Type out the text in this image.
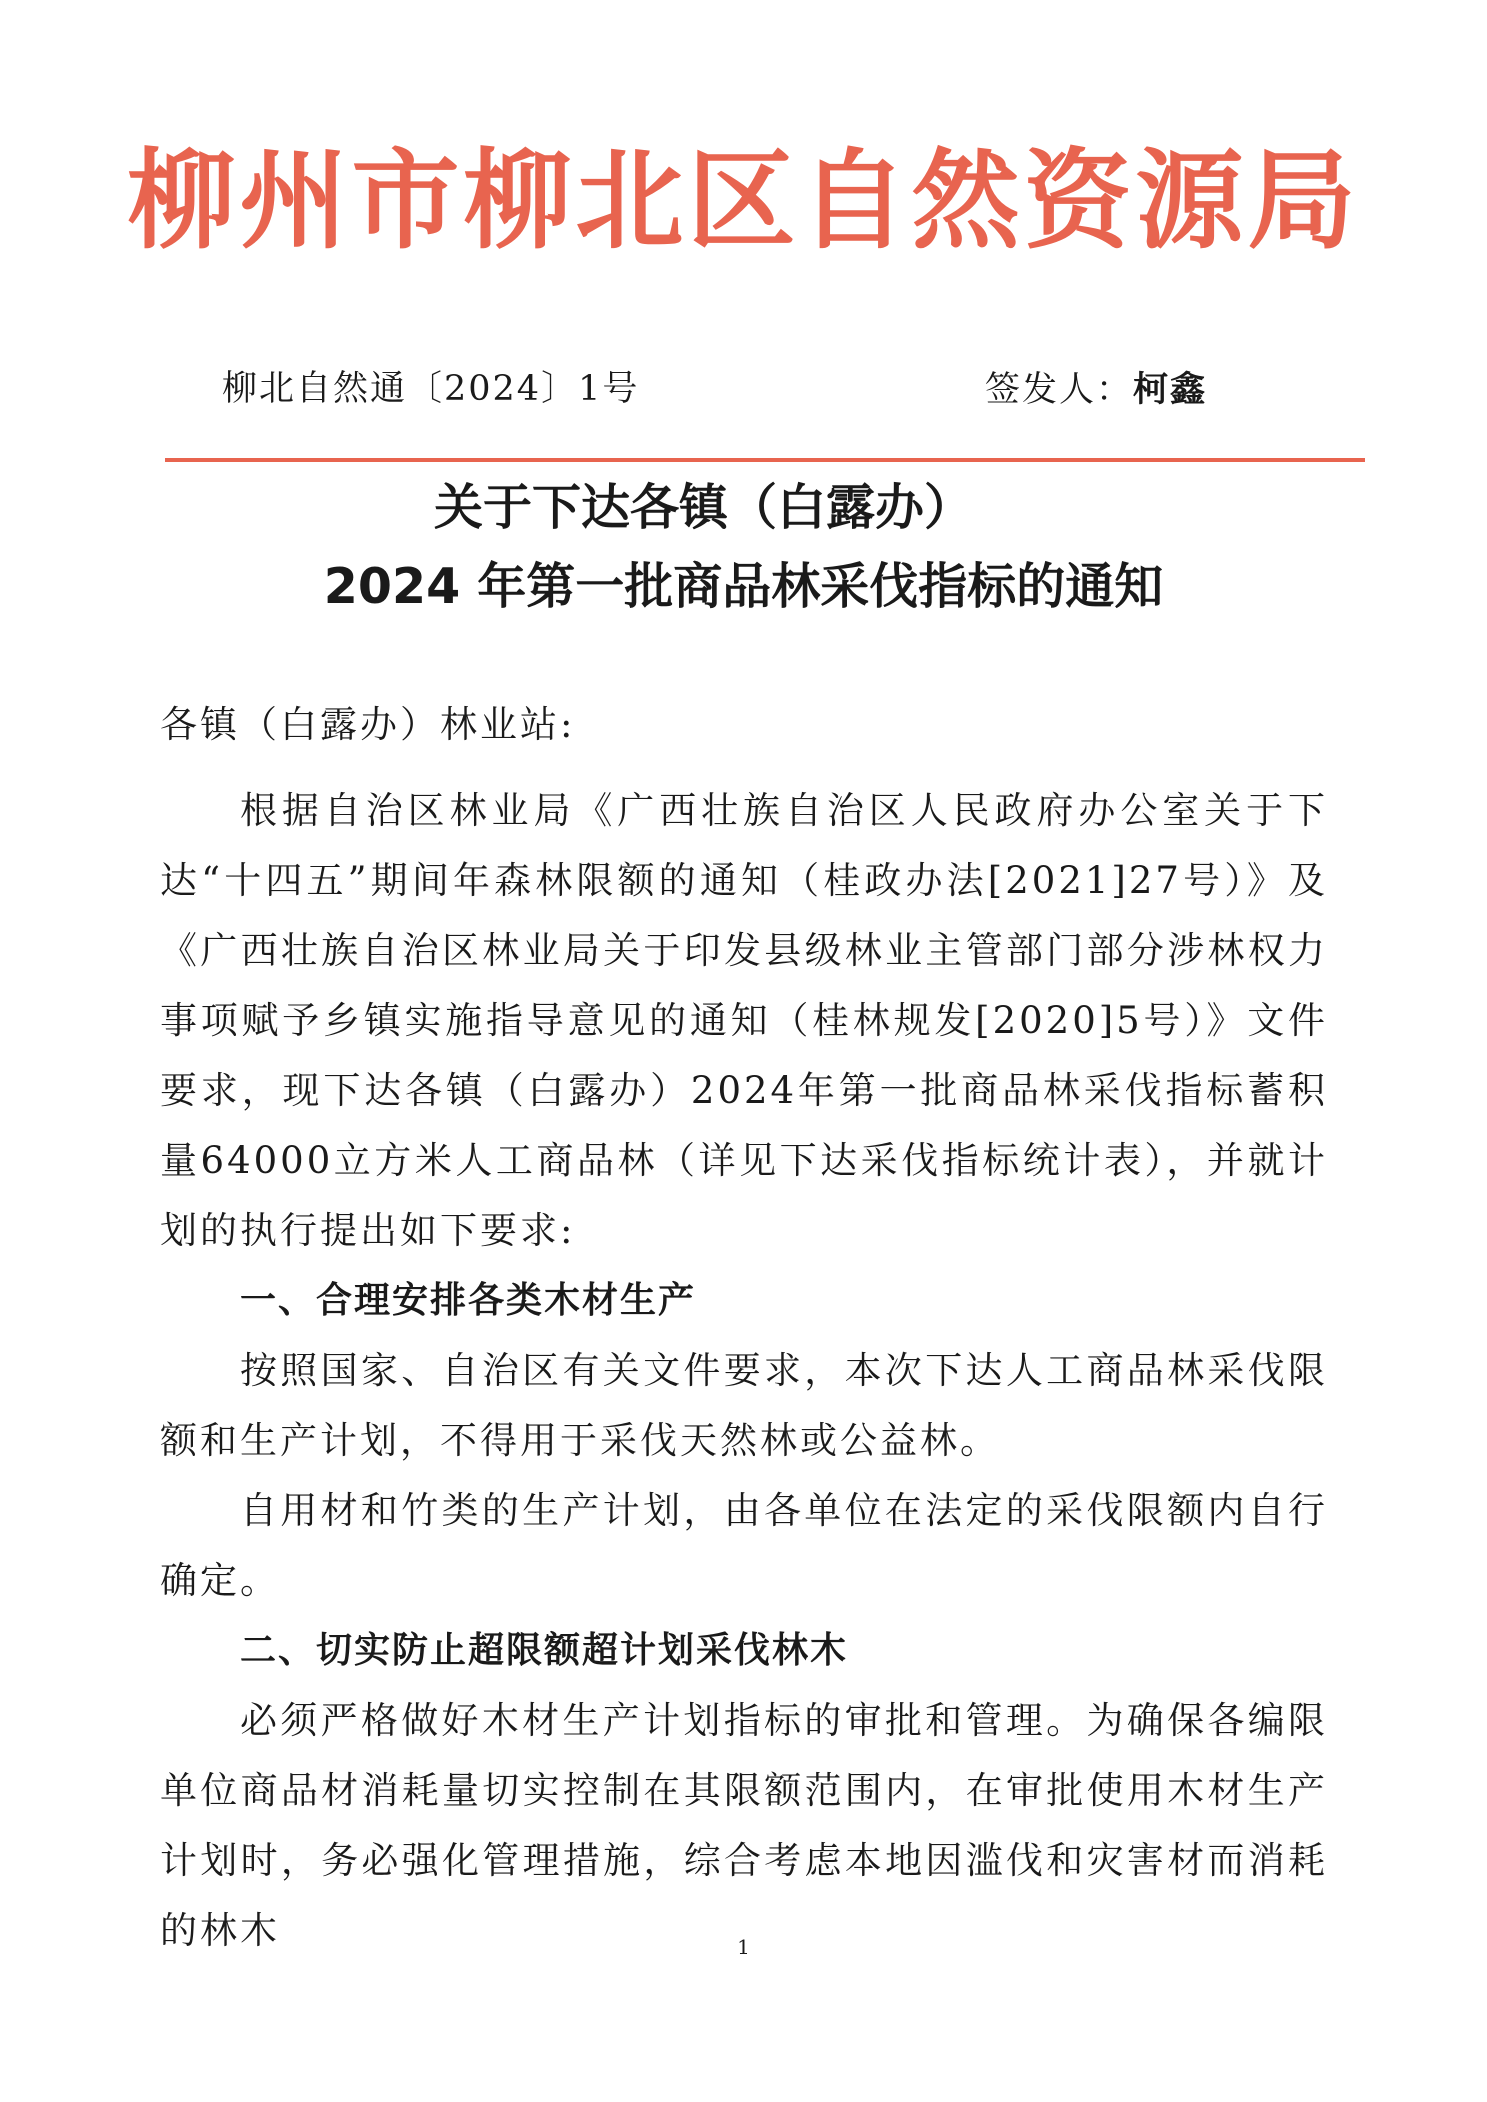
柳州市柳北区自然资源局
柳北自然通〔2024〕1号	签发人：柯鑫
关于下达各镇（白露办）
2024 年第一批商品林采伐指标的通知
各镇（白露办）林业站:

根据自治区林业局《广西壮族自治区人民政府办公室关于下达“十四五”期间年森林限额的通知（桂政办法[2021]27号）》及《广西壮族自治区林业局关于印发县级林业主管部门部分涉林权力事项赋予乡镇实施指导意见的通知（桂林规发[2020]5号）》文件要求，现下达各镇（白露办）2024年第一批商品林采伐指标蓄积量64000立方米人工商品林（详见下达采伐指标统计表），并就计划的执行提出如下要求:

一、合理安排各类木材生产

按照国家、自治区有关文件要求，本次下达人工商品林采伐限额和生产计划，不得用于采伐天然林或公益林。

自用材和竹类的生产计划，由各单位在法定的采伐限额内自行确定。

二、切实防止超限额超计划采伐林木

必须严格做好木材生产计划指标的审批和管理。为确保各编限单位商品材消耗量切实控制在其限额范围内，在审批使用木材生产计划时，务必强化管理措施，综合考虑本地因滥伐和灾害材而消耗的林木	1
